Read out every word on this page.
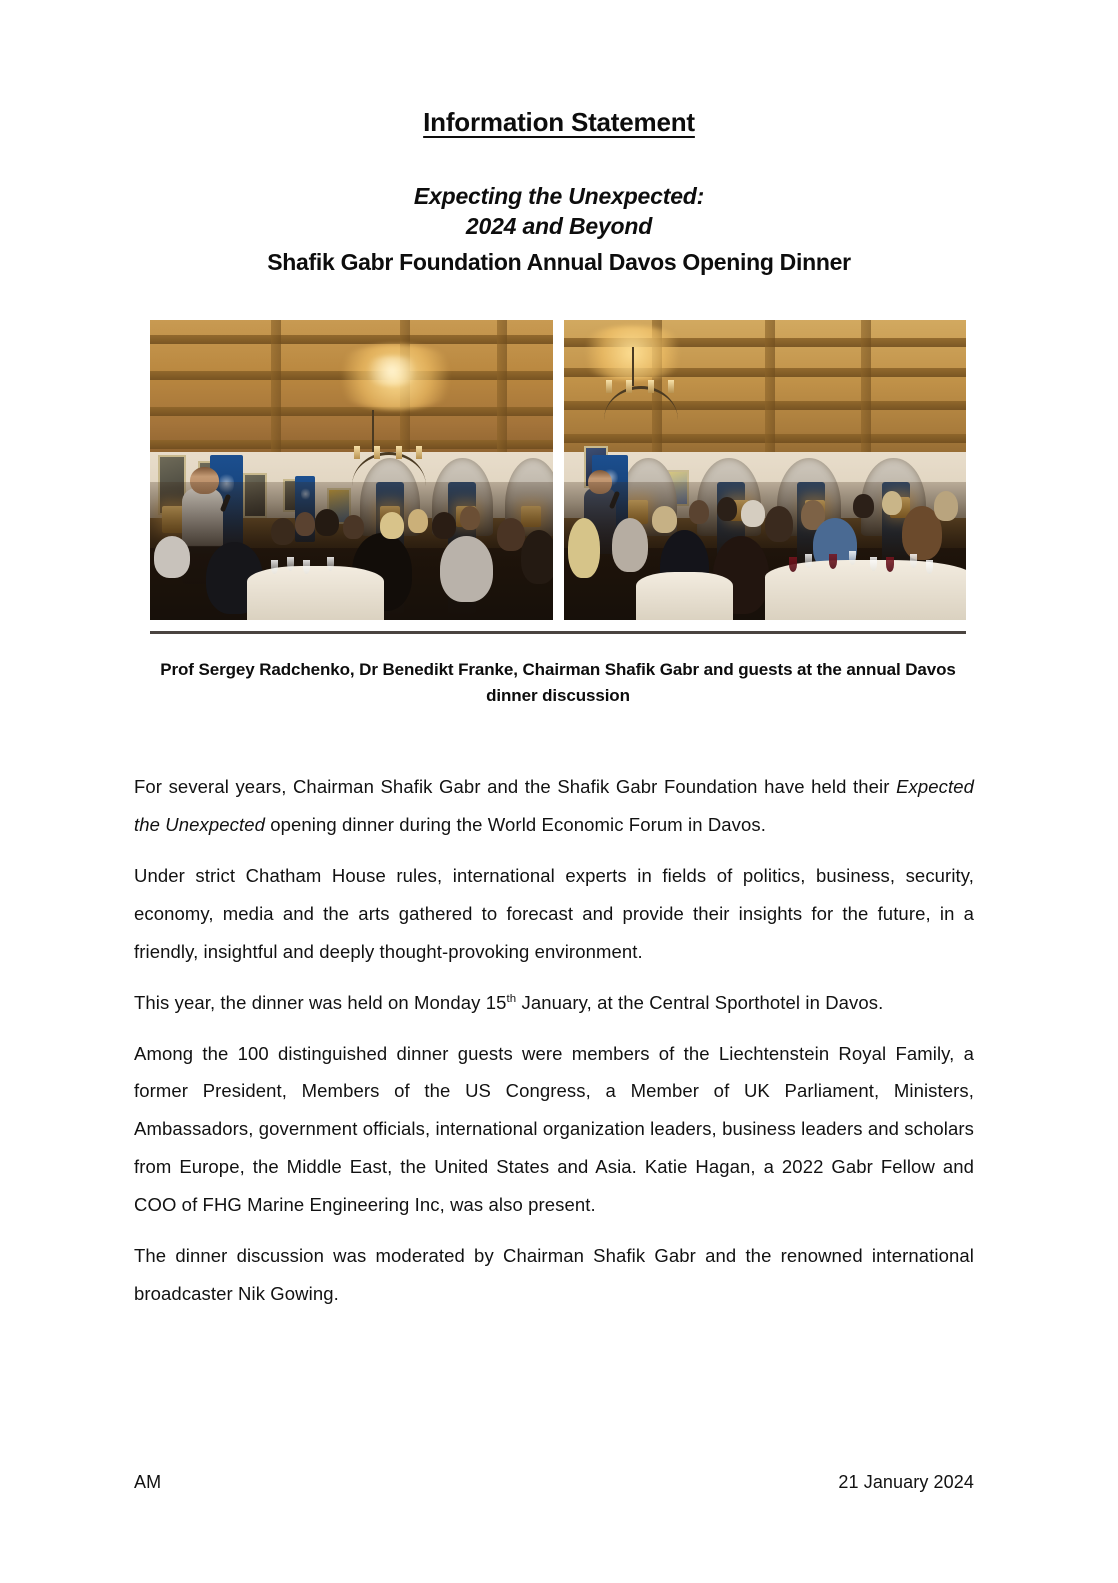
Information Statement
Expecting the Unexpected:
2024 and Beyond
Shafik Gabr Foundation Annual Davos Opening Dinner
Prof Sergey Radchenko, Dr Benedikt Franke, Chairman Shafik Gabr and guests at the annual Davos dinner discussion

For several years, Chairman Shafik Gabr and the Shafik Gabr Foundation have held their Expected the Unexpected opening dinner during the World Economic Forum in Davos.

Under strict Chatham House rules, international experts in fields of politics, business, security, economy, media and the arts gathered to forecast and provide their insights for the future, in a friendly, insightful and deeply thought-provoking environment.

This year, the dinner was held on Monday 15th January, at the Central Sporthotel in Davos.

Among the 100 distinguished dinner guests were members of the Liechtenstein Royal Family, a former President, Members of the US Congress, a Member of UK Parliament, Ministers, Ambassadors, government officials, international organization leaders, business leaders and scholars from Europe, the Middle East, the United States and Asia. Katie Hagan, a 2022 Gabr Fellow and COO of FHG Marine Engineering Inc, was also present.

The dinner discussion was moderated by Chairman Shafik Gabr and the renowned international broadcaster Nik Gowing.

AM	21 January 2024
